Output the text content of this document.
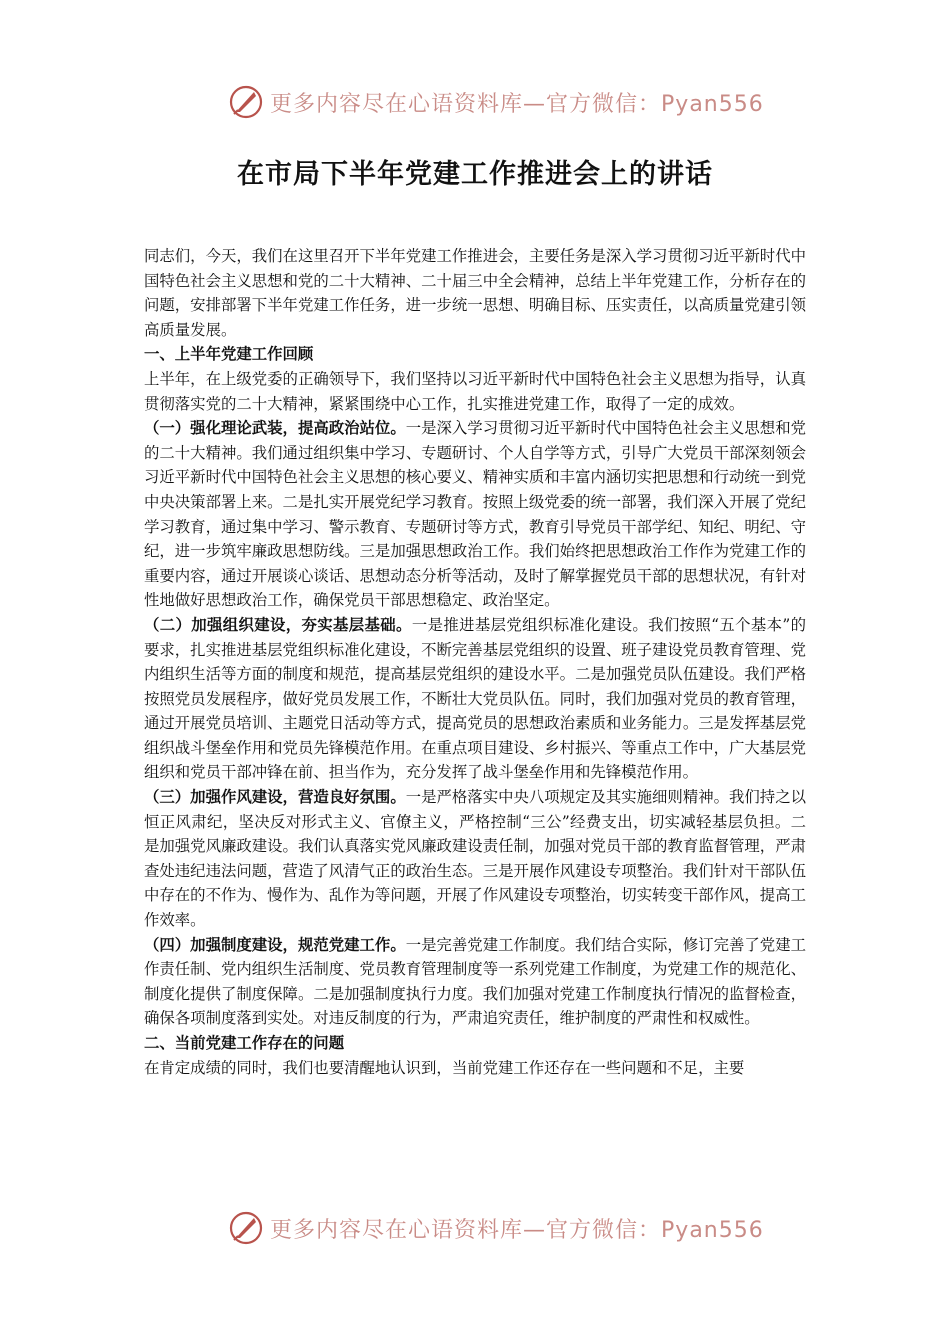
更多内容尽在心语资料库—官方微信：Pyan556
在市局下半年党建工作推进会上的讲话

同志们，今天，我们在这里召开下半年党建工作推进会，主要任务是深入学习贯彻习近平新时代中国特色社会主义思想和党的二十大精神、二十届三中全会精神，总结上半年党建工作，分析存在的问题，安排部署下半年党建工作任务，进一步统一思想、明确目标、压实责任，以高质量党建引领高质量发展。

一、上半年党建工作回顾

上半年，在上级党委的正确领导下，我们坚持以习近平新时代中国特色社会主义思想为指导，认真贯彻落实党的二十大精神，紧紧围绕中心工作，扎实推进党建工作，取得了一定的成效。

（一）强化理论武装，提高政治站位。一是深入学习贯彻习近平新时代中国特色社会主义思想和党的二十大精神。我们通过组织集中学习、专题研讨、个人自学等方式，引导广大党员干部深刻领会习近平新时代中国特色社会主义思想的核心要义、精神实质和丰富内涵切实把思想和行动统一到党中央决策部署上来。二是扎实开展党纪学习教育。按照上级党委的统一部署，我们深入开展了党纪学习教育，通过集中学习、警示教育、专题研讨等方式，教育引导党员干部学纪、知纪、明纪、守纪，进一步筑牢廉政思想防线。三是加强思想政治工作。我们始终把思想政治工作作为党建工作的重要内容，通过开展谈心谈话、思想动态分析等活动，及时了解掌握党员干部的思想状况，有针对性地做好思想政治工作，确保党员干部思想稳定、政治坚定。

（二）加强组织建设，夯实基层基础。一是推进基层党组织标准化建设。我们按照“五个基本”的要求，扎实推进基层党组织标准化建设，不断完善基层党组织的设置、班子建设党员教育管理、党内组织生活等方面的制度和规范，提高基层党组织的建设水平。二是加强党员队伍建设。我们严格按照党员发展程序，做好党员发展工作，不断壮大党员队伍。同时，我们加强对党员的教育管理，通过开展党员培训、主题党日活动等方式，提高党员的思想政治素质和业务能力。三是发挥基层党组织战斗堡垒作用和党员先锋模范作用。在重点项目建设、乡村振兴、等重点工作中，广大基层党组织和党员干部冲锋在前、担当作为，充分发挥了战斗堡垒作用和先锋模范作用。

（三）加强作风建设，营造良好氛围。一是严格落实中央八项规定及其实施细则精神。我们持之以恒正风肃纪，坚决反对形式主义、官僚主义，严格控制“三公”经费支出，切实减轻基层负担。二是加强党风廉政建设。我们认真落实党风廉政建设责任制，加强对党员干部的教育监督管理，严肃查处违纪违法问题，营造了风清气正的政治生态。三是开展作风建设专项整治。我们针对干部队伍中存在的不作为、慢作为、乱作为等问题，开展了作风建设专项整治，切实转变干部作风，提高工作效率。

（四）加强制度建设，规范党建工作。一是完善党建工作制度。我们结合实际，修订完善了党建工作责任制、党内组织生活制度、党员教育管理制度等一系列党建工作制度，为党建工作的规范化、制度化提供了制度保障。二是加强制度执行力度。我们加强对党建工作制度执行情况的监督检查，确保各项制度落到实处。对违反制度的行为，严肃追究责任，维护制度的严肃性和权威性。

二、当前党建工作存在的问题

在肯定成绩的同时，我们也要清醒地认识到，当前党建工作还存在一些问题和不足，主要

更多内容尽在心语资料库—官方微信：Pyan556
